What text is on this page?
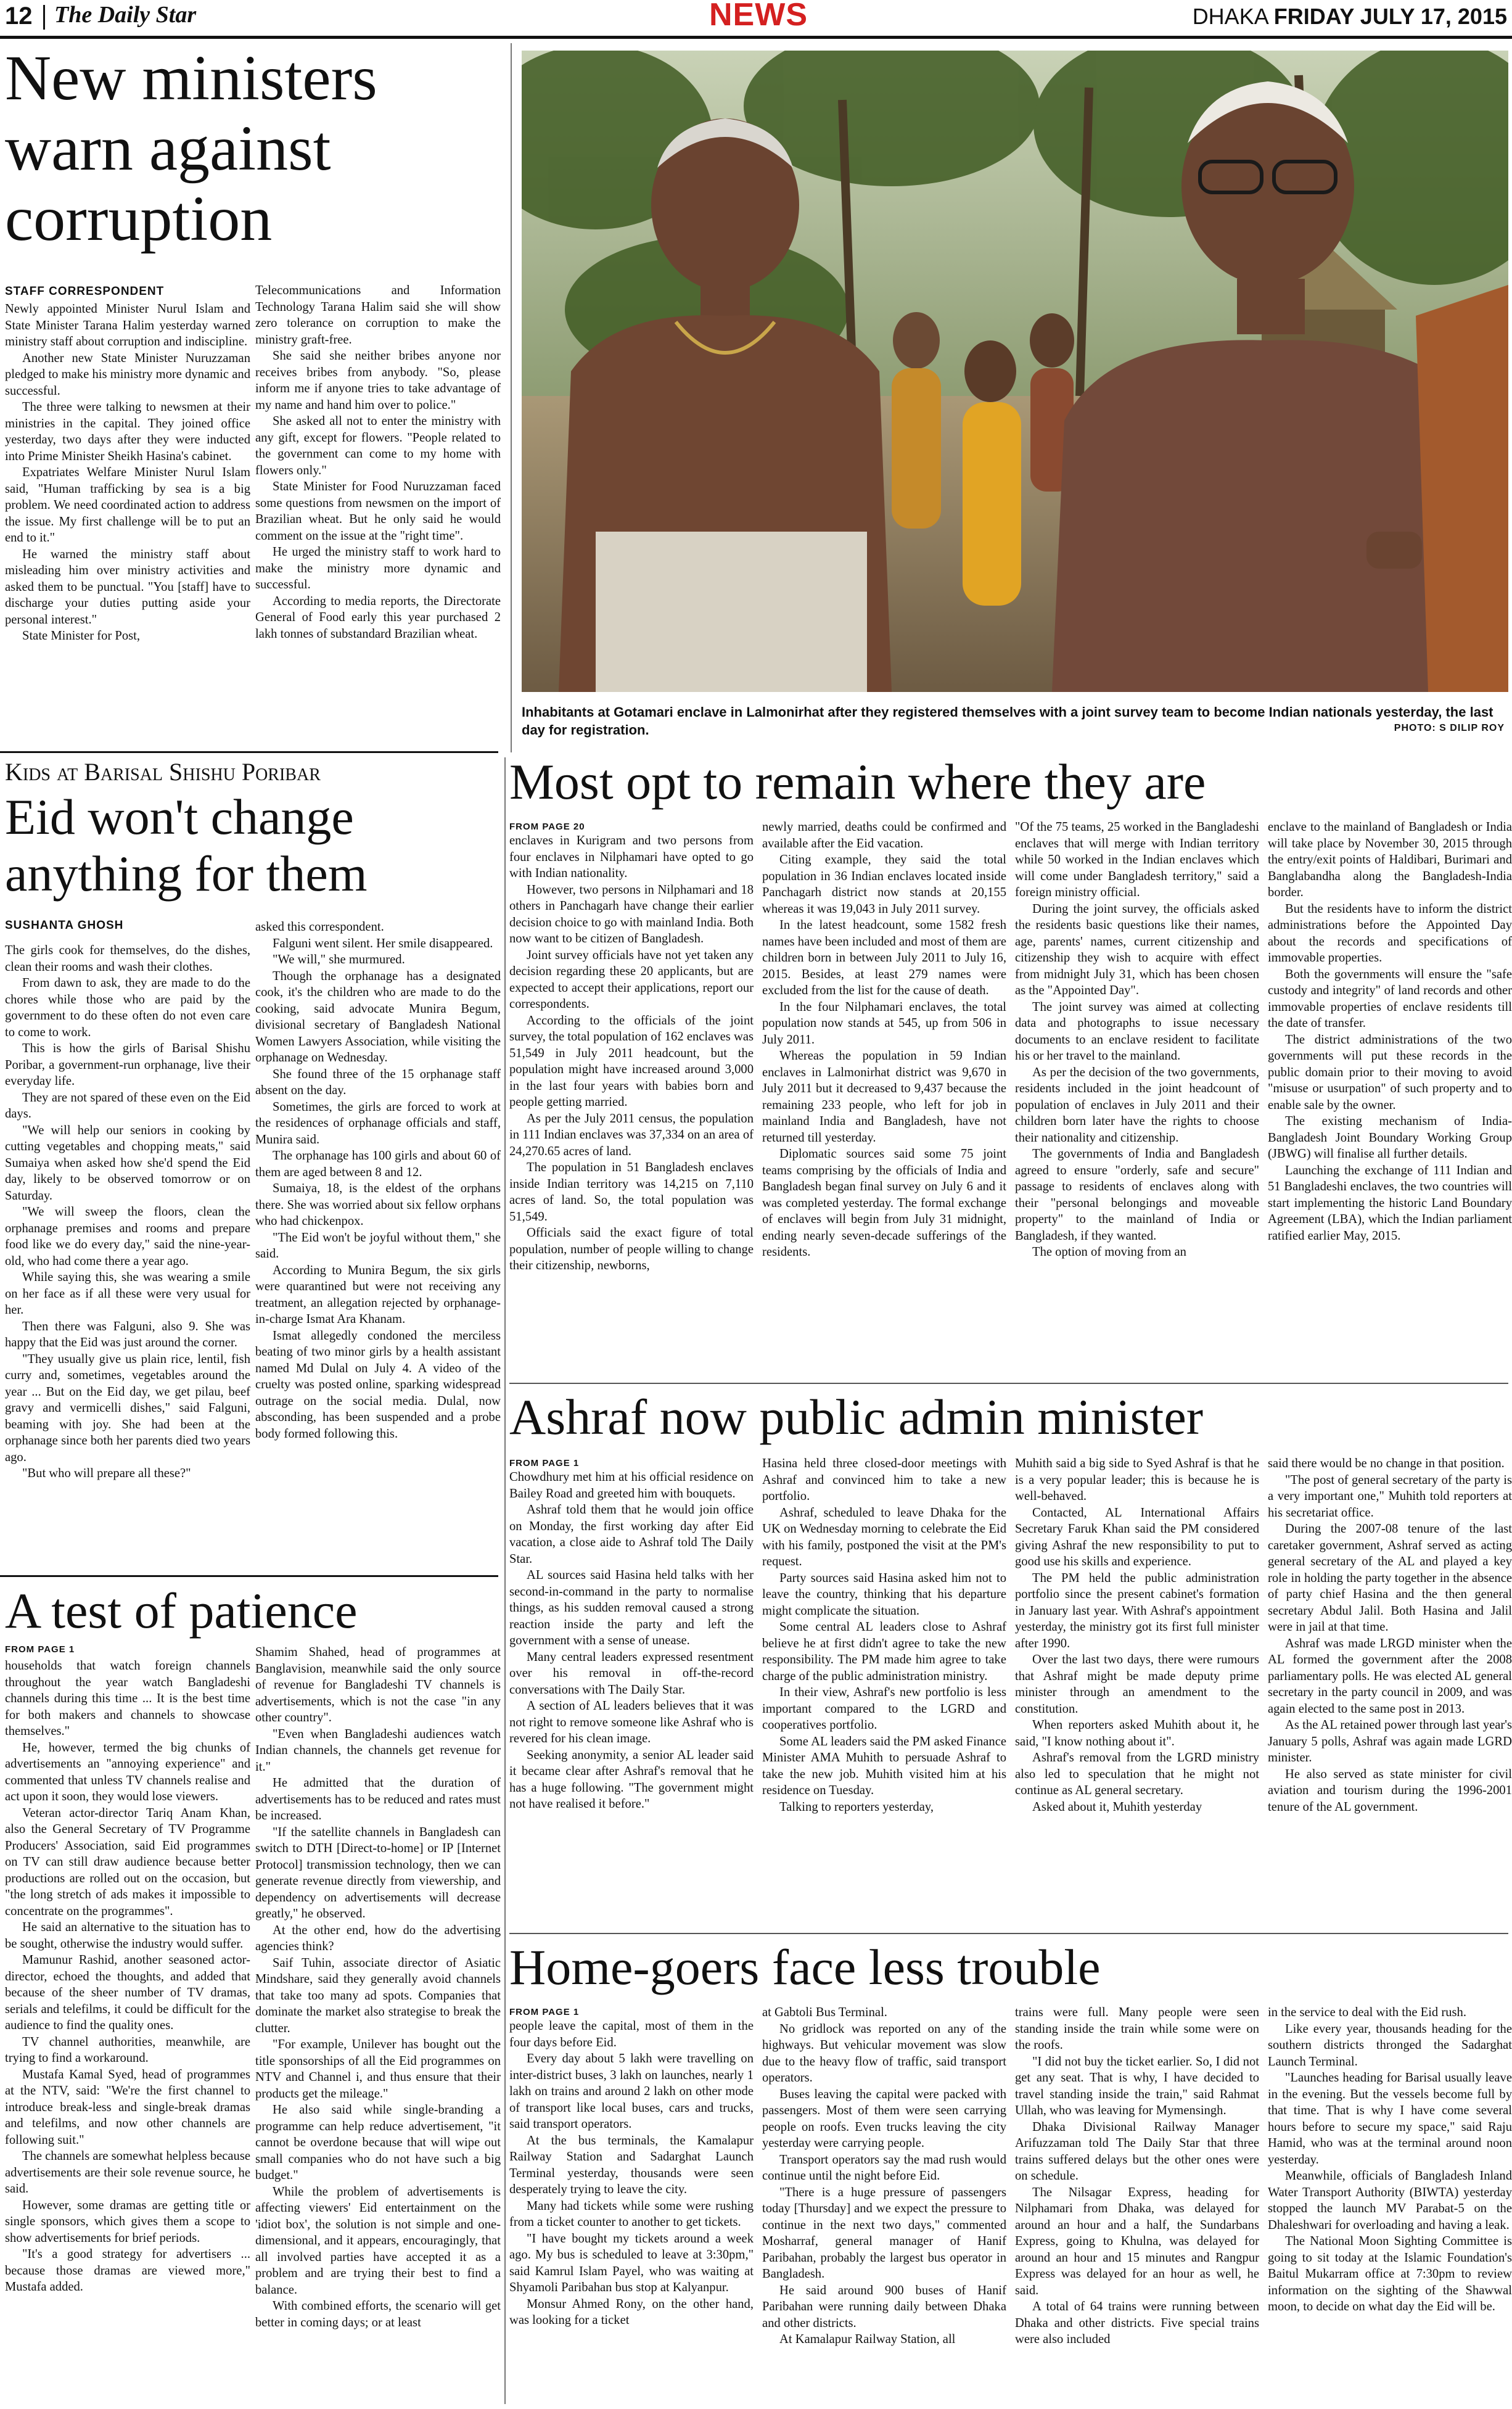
12 The Daily Star	NEWS	DHAKA FRIDAY JULY 17, 2015
New ministers warn against corruption
STAFF CORRESPONDENT

Newly appointed Minister Nurul Islam and State Minister Tarana Halim yesterday warned ministry staff about corruption and indiscipline.

Another new State Minister Nuruzzaman pledged to make his ministry more dynamic and successful.

The three were talking to newsmen at their ministries in the capital. They joined office yesterday, two days after they were inducted into Prime Minister Sheikh Hasina's cabinet.

Expatriates Welfare Minister Nurul Islam said, "Human trafficking by sea is a big problem. We need coordinated action to address the issue. My first challenge will be to put an end to it."

He warned the ministry staff about misleading him over ministry activities and asked them to be punctual. "You [staff] have to discharge your duties putting aside your personal interest."

State Minister for Post,

Telecommunications and Information Technology Tarana Halim said she will show zero tolerance on corruption to make the ministry graft-free.

She said she neither bribes anyone nor receives bribes from anybody. "So, please inform me if anyone tries to take advantage of my name and hand him over to police."

She asked all not to enter the ministry with any gift, except for flowers. "People related to the government can come to my home with flowers only."

State Minister for Food Nuruzzaman faced some questions from newsmen on the import of Brazilian wheat. But he only said he would comment on the issue at the "right time".

He urged the ministry staff to work hard to make the ministry more dynamic and successful.

According to media reports, the Directorate General of Food early this year purchased 2 lakh tonnes of substandard Brazilian wheat.

Inhabitants at Gotamari enclave in Lalmonirhat after they registered themselves with a joint survey team to become Indian nationals yesterday, the last day for registration.	PHOTO: S DILIP ROY
Kids at Barisal Shishu Poribar
Eid won't change anything for them
SUSHANTA GHOSH

The girls cook for themselves, do the dishes, clean their rooms and wash their clothes.

From dawn to ask, they are made to do the chores while those who are paid by the government to do these often do not even care to come to work.

This is how the girls of Barisal Shishu Poribar, a government-run orphanage, live their everyday life.

They are not spared of these even on the Eid days.

"We will help our seniors in cooking by cutting vegetables and chopping meats," said Sumaiya when asked how she'd spend the Eid day, likely to be observed tomorrow or on Saturday.

"We will sweep the floors, clean the orphanage premises and rooms and prepare food like we do every day," said the nine-year-old, who had come there a year ago.

While saying this, she was wearing a smile on her face as if all these were very usual for her.

Then there was Falguni, also 9. She was happy that the Eid was just around the corner.

"They usually give us plain rice, lentil, fish curry and, sometimes, vegetables around the year ... But on the Eid day, we get pilau, beef gravy and vermicelli dishes," said Falguni, beaming with joy. She had been at the orphanage since both her parents died two years ago.

"But who will prepare all these?"

asked this correspondent.

Falguni went silent. Her smile disappeared.

"We will," she murmured.

Though the orphanage has a designated cook, it's the children who are made to do the cooking, said advocate Munira Begum, divisional secretary of Bangladesh National Women Lawyers Association, while visiting the orphanage on Wednesday.

She found three of the 15 orphanage staff absent on the day.

Sometimes, the girls are forced to work at the residences of orphanage officials and staff, Munira said.

The orphanage has 100 girls and about 60 of them are aged between 8 and 12.

Sumaiya, 18, is the eldest of the orphans there. She was worried about six fellow orphans who had chickenpox.

"The Eid won't be joyful without them," she said.

According to Munira Begum, the six girls were quarantined but were not receiving any treatment, an allegation rejected by orphanage-in-charge Ismat Ara Khanam.

Ismat allegedly condoned the merciless beating of two minor girls by a health assistant named Md Dulal on July 4. A video of the cruelty was posted online, sparking widespread outrage on the social media. Dulal, now absconding, has been suspended and a probe body formed following this.

A test of patience
FROM PAGE 1

households that watch foreign channels throughout the year watch Bangladeshi channels during this time ... It is the best time for both makers and channels to showcase themselves."

He, however, termed the big chunks of advertisements an "annoying experience" and commented that unless TV channels realise and act upon it soon, they would lose viewers.

Veteran actor-director Tariq Anam Khan, also the General Secretary of TV Programme Producers' Association, said Eid programmes on TV can still draw audience because better productions are rolled out on the occasion, but "the long stretch of ads makes it impossible to concentrate on the programmes".

He said an alternative to the situation has to be sought, otherwise the industry would suffer.

Mamunur Rashid, another seasoned actor-director, echoed the thoughts, and added that because of the sheer number of TV dramas, serials and telefilms, it could be difficult for the audience to find the quality ones.

TV channel authorities, meanwhile, are trying to find a workaround.

Mustafa Kamal Syed, head of programmes at the NTV, said: "We're the first channel to introduce break-less and single-break dramas and telefilms, and now other channels are following suit."

The channels are somewhat helpless because advertisements are their sole revenue source, he said.

However, some dramas are getting title or single sponsors, which gives them a scope to show advertisements for brief periods.

"It's a good strategy for advertisers ... because those dramas are viewed more," Mustafa added.

Shamim Shahed, head of programmes at Banglavision, meanwhile said the only source of revenue for Bangladeshi TV channels is advertisements, which is not the case "in any other country".

"Even when Bangladeshi audiences watch Indian channels, the channels get revenue for it."

He admitted that the duration of advertisements has to be reduced and rates must be increased.

"If the satellite channels in Bangladesh can switch to DTH [Direct-to-home] or IP [Internet Protocol] transmission technology, then we can generate revenue directly from viewership, and dependency on advertisements will decrease greatly," he observed.

At the other end, how do the advertising agencies think?

Saif Tuhin, associate director of Asiatic Mindshare, said they generally avoid channels that take too many ad spots. Companies that dominate the market also strategise to break the clutter.

"For example, Unilever has bought out the title sponsorships of all the Eid programmes on NTV and Channel i, and thus ensure that their products get the mileage."

He also said while single-branding a programme can help reduce advertisement, "it cannot be overdone because that will wipe out small companies who do not have such a big budget."

While the problem of advertisements is affecting viewers' Eid entertainment on the 'idiot box', the solution is not simple and one-dimensional, and it appears, encouragingly, that all involved parties have accepted it as a problem and are trying their best to find a balance.

With combined efforts, the scenario will get better in coming days; or at least

Most opt to remain where they are
FROM PAGE 20

enclaves in Kurigram and two persons from four enclaves in Nilphamari have opted to go with Indian nationality.

However, two persons in Nilphamari and 18 others in Panchagarh have change their earlier decision choice to go with mainland India. Both now want to be citizen of Bangladesh.

Joint survey officials have not yet taken any decision regarding these 20 applicants, but are expected to accept their applications, report our correspondents.

According to the officials of the joint survey, the total population of 162 enclaves was 51,549 in July 2011 headcount, but the population might have increased around 3,000 in the last four years with babies born and people getting married.

As per the July 2011 census, the population in 111 Indian enclaves was 37,334 on an area of 24,270.65 acres of land.

The population in 51 Bangladesh enclaves inside Indian territory was 14,215 on 7,110 acres of land. So, the total population was 51,549.

Officials said the exact figure of total population, number of people willing to change their citizenship, newborns,

newly married, deaths could be confirmed and available after the Eid vacation.

Citing example, they said the total population in 36 Indian enclaves located inside Panchagarh district now stands at 20,155 whereas it was 19,043 in July 2011 survey.

In the latest headcount, some 1582 fresh names have been included and most of them are children born in between July 2011 to July 16, 2015. Besides, at least 279 names were excluded from the list for the cause of death.

In the four Nilphamari enclaves, the total population now stands at 545, up from 506 in July 2011.

Whereas the population in 59 Indian enclaves in Lalmonirhat district was 9,670 in July 2011 but it decreased to 9,437 because the remaining 233 people, who left for job in mainland India and Bangladesh, have not returned till yesterday.

Diplomatic sources said some 75 joint teams comprising by the officials of India and Bangladesh began final survey on July 6 and it was completed yesterday. The formal exchange of enclaves will begin from July 31 midnight, ending nearly seven-decade sufferings of the residents.

"Of the 75 teams, 25 worked in the Bangladeshi enclaves that will merge with Indian territory while 50 worked in the Indian enclaves which will come under Bangladesh territory," said a foreign ministry official.

During the joint survey, the officials asked the residents basic questions like their names, age, parents' names, current citizenship and citizenship they wish to acquire with effect from midnight July 31, which has been chosen as the "Appointed Day".

The joint survey was aimed at collecting data and photographs to issue necessary documents to an enclave resident to facilitate his or her travel to the mainland.

As per the decision of the two governments, residents included in the joint headcount of population of enclaves in July 2011 and their children born later have the rights to choose their nationality and citizenship.

The governments of India and Bangladesh agreed to ensure "orderly, safe and secure" passage to residents of enclaves along with their "personal belongings and moveable property" to the mainland of India or Bangladesh, if they wanted.

The option of moving from an

enclave to the mainland of Bangladesh or India will take place by November 30, 2015 through the entry/exit points of Haldibari, Burimari and Banglabandha along the Bangladesh-India border.

But the residents have to inform the district administrations before the Appointed Day about the records and specifications of immovable properties.

Both the governments will ensure the "safe custody and integrity" of land records and other immovable properties of enclave residents till the date of transfer.

The district administrations of the two governments will put these records in the public domain prior to their moving to avoid "misuse or usurpation" of such property and to enable sale by the owner.

The existing mechanism of India-Bangladesh Joint Boundary Working Group (JBWG) will finalise all further details.

Launching the exchange of 111 Indian and 51 Bangladeshi enclaves, the two countries will start implementing the historic Land Boundary Agreement (LBA), which the Indian parliament ratified earlier May, 2015.

Ashraf now public admin minister
FROM PAGE 1

Chowdhury met him at his official residence on Bailey Road and greeted him with bouquets.

Ashraf told them that he would join office on Monday, the first working day after Eid vacation, a close aide to Ashraf told The Daily Star.

AL sources said Hasina held talks with her second-in-command in the party to normalise things, as his sudden removal caused a strong reaction inside the party and left the government with a sense of unease.

Many central leaders expressed resentment over his removal in off-the-record conversations with The Daily Star.

A section of AL leaders believes that it was not right to remove someone like Ashraf who is revered for his clean image.

Seeking anonymity, a senior AL leader said it became clear after Ashraf's removal that he has a huge following. "The government might not have realised it before."

Hasina held three closed-door meetings with Ashraf and convinced him to take a new portfolio.

Ashraf, scheduled to leave Dhaka for the UK on Wednesday morning to celebrate the Eid with his family, postponed the visit at the PM's request.

Party sources said Hasina asked him not to leave the country, thinking that his departure might complicate the situation.

Some central AL leaders close to Ashraf believe he at first didn't agree to take the new responsibility. The PM made him agree to take charge of the public administration ministry.

In their view, Ashraf's new portfolio is less important compared to the LGRD and cooperatives portfolio.

Some AL leaders said the PM asked Finance Minister AMA Muhith to persuade Ashraf to take the new job. Muhith visited him at his residence on Tuesday.

Talking to reporters yesterday,

Muhith said a big side to Syed Ashraf is that he is a very popular leader; this is because he is well-behaved.

Contacted, AL International Affairs Secretary Faruk Khan said the PM considered giving Ashraf the new responsibility to put to good use his skills and experience.

The PM held the public administration portfolio since the present cabinet's formation in January last year. With Ashraf's appointment yesterday, the ministry got its first full minister after 1990.

Over the last two days, there were rumours that Ashraf might be made deputy prime minister through an amendment to the constitution.

When reporters asked Muhith about it, he said, "I know nothing about it".

Ashraf's removal from the LGRD ministry also led to speculation that he might not continue as AL general secretary.

Asked about it, Muhith yesterday

said there would be no change in that position.

"The post of general secretary of the party is a very important one," Muhith told reporters at his secretariat office.

During the 2007-08 tenure of the last caretaker government, Ashraf served as acting general secretary of the AL and played a key role in holding the party together in the absence of party chief Hasina and the then general secretary Abdul Jalil. Both Hasina and Jalil were in jail at that time.

Ashraf was made LRGD minister when the AL formed the government after the 2008 parliamentary polls. He was elected AL general secretary in the party council in 2009, and was again elected to the same post in 2013.

As the AL retained power through last year's January 5 polls, Ashraf was again made LGRD minister.

He also served as state minister for civil aviation and tourism during the 1996-2001 tenure of the AL government.

Home-goers face less trouble
FROM PAGE 1

people leave the capital, most of them in the four days before Eid.

Every day about 5 lakh were travelling on inter-district buses, 3 lakh on launches, nearly 1 lakh on trains and around 2 lakh on other mode of transport like local buses, cars and trucks, said transport operators.

At the bus terminals, the Kamalapur Railway Station and Sadarghat Launch Terminal yesterday, thousands were seen desperately trying to leave the city.

Many had tickets while some were rushing from a ticket counter to another to get tickets.

"I have bought my tickets around a week ago. My bus is scheduled to leave at 3:30pm," said Kamrul Islam Payel, who was waiting at Shyamoli Paribahan bus stop at Kalyanpur.

Monsur Ahmed Rony, on the other hand, was looking for a ticket

at Gabtoli Bus Terminal.

No gridlock was reported on any of the highways. But vehicular movement was slow due to the heavy flow of traffic, said transport operators.

Buses leaving the capital were packed with passengers. Most of them were seen carrying people on roofs. Even trucks leaving the city yesterday were carrying people.

Transport operators say the mad rush would continue until the night before Eid.

"There is a huge pressure of passengers today [Thursday] and we expect the pressure to continue in the next two days," commented Mosharraf, general manager of Hanif Paribahan, probably the largest bus operator in Bangladesh.

He said around 900 buses of Hanif Paribahan were running daily between Dhaka and other districts.

At Kamalapur Railway Station, all

trains were full. Many people were seen standing inside the train while some were on the roofs.

"I did not buy the ticket earlier. So, I did not get any seat. That is why, I have decided to travel standing inside the train," said Rahmat Ullah, who was leaving for Mymensingh.

Dhaka Divisional Railway Manager Arifuzzaman told The Daily Star that three trains suffered delays but the other ones were on schedule.

The Nilsagar Express, heading for Nilphamari from Dhaka, was delayed for around an hour and a half, the Sundarbans Express, going to Khulna, was delayed for around an hour and 15 minutes and Rangpur Express was delayed for an hour as well, he said.

A total of 64 trains were running between Dhaka and other districts. Five special trains were also included

in the service to deal with the Eid rush.

Like every year, thousands heading for the southern districts thronged the Sadarghat Launch Terminal.

"Launches heading for Barisal usually leave in the evening. But the vessels become full by that time. That is why I have come several hours before to secure my space," said Raju Hamid, who was at the terminal around noon yesterday.

Meanwhile, officials of Bangladesh Inland Water Transport Authority (BIWTA) yesterday stopped the launch MV Parabat-5 on the Dhaleshwari for overloading and having a leak.

The National Moon Sighting Committee is going to sit today at the Islamic Foundation's Baitul Mukarram office at 7:30pm to review information on the sighting of the Shawwal moon, to decide on what day the Eid will be.
